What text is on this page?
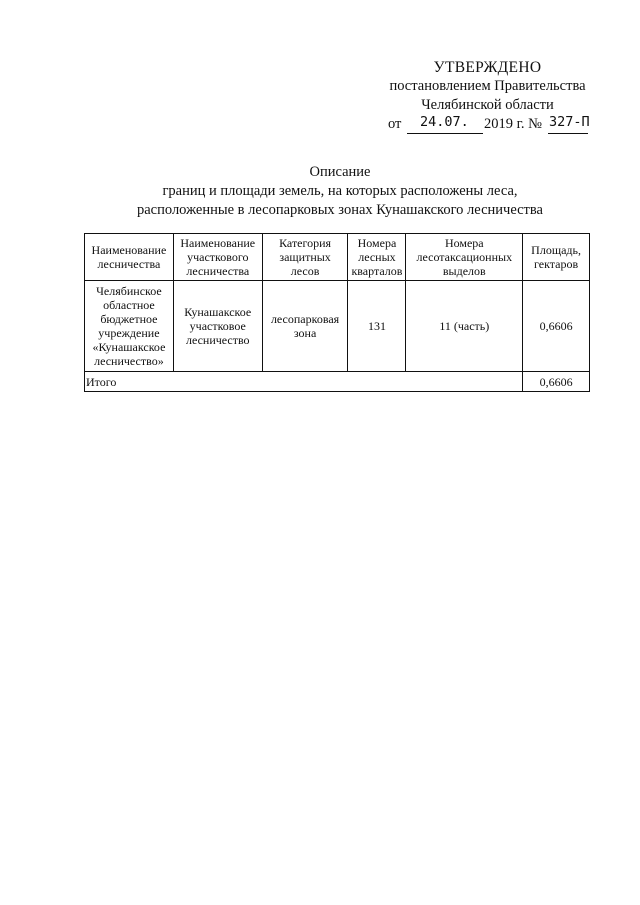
УТВЕРЖДЕНО
постановлением Правительства
Челябинской области
от 24.07. 2019 г. № 327-П
Описание
границ и площади земель, на которых расположены леса,
расположенные в лесопарковых зонах Кунашакского лесничества
Наименование лесничества	Наименование участкового лесничества	Категория защитных лесов	Номера лесных кварталов	Номера лесотаксационных выделов	Площадь, гектаров
Челябинское областное бюджетное учреждение «Кунашакское лесничество»	Кунашакское участковое лесничество	лесопарковая зона	131	11 (часть)	0,6606
Итого					0,6606
